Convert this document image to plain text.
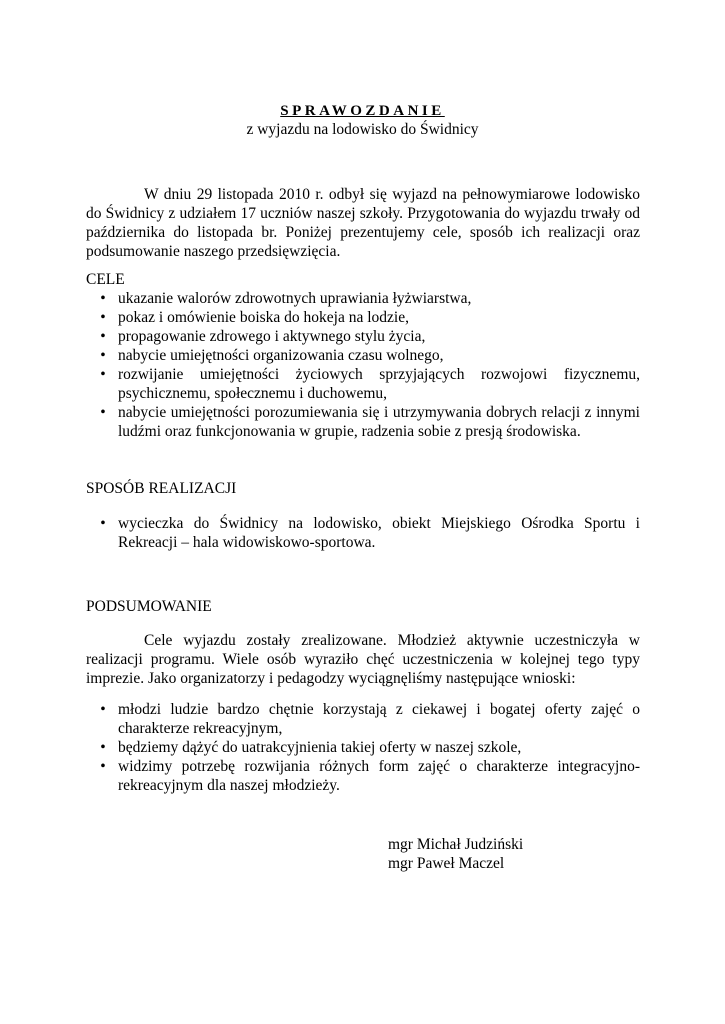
SPRAWOZDANIE
z wyjazdu na lodowisko do Świdnicy

W dniu 29 listopada 2010 r. odbył się wyjazd na pełnowymiarowe lodowisko do Świdnicy z udziałem 17 uczniów naszej szkoły. Przygotowania do wyjazdu trwały od października do listopada br. Poniżej prezentujemy cele, sposób ich realizacji oraz podsumowanie naszego przedsięwzięcia.

CELE

• ukazanie walorów zdrowotnych uprawiania łyżwiarstwa,
• pokaz i omówienie boiska do hokeja na lodzie,
• propagowanie zdrowego i aktywnego stylu życia,
• nabycie umiejętności organizowania czasu wolnego,
• rozwijanie umiejętności życiowych sprzyjających rozwojowi fizycznemu, psychicznemu, społecznemu i duchowemu,
• nabycie umiejętności porozumiewania się i utrzymywania dobrych relacji z innymi ludźmi oraz funkcjonowania w grupie, radzenia sobie z presją środowiska.

SPOSÓB REALIZACJI

• wycieczka do Świdnicy na lodowisko, obiekt Miejskiego Ośrodka Sportu i Rekreacji – hala widowiskowo-sportowa.

PODSUMOWANIE

Cele wyjazdu zostały zrealizowane. Młodzież aktywnie uczestniczyła w realizacji programu. Wiele osób wyraziło chęć uczestniczenia w kolejnej tego typy imprezie. Jako organizatorzy i pedagodzy wyciągnęliśmy następujące wnioski:

• młodzi ludzie bardzo chętnie korzystają z ciekawej i bogatej oferty zajęć o charakterze rekreacyjnym,
• będziemy dążyć do uatrakcyjnienia takiej oferty w naszej szkole,
• widzimy potrzebę rozwijania różnych form zajęć o charakterze integracyjno-rekreacyjnym dla naszej młodzieży.
mgr Michał Judziński
mgr Paweł Maczel
